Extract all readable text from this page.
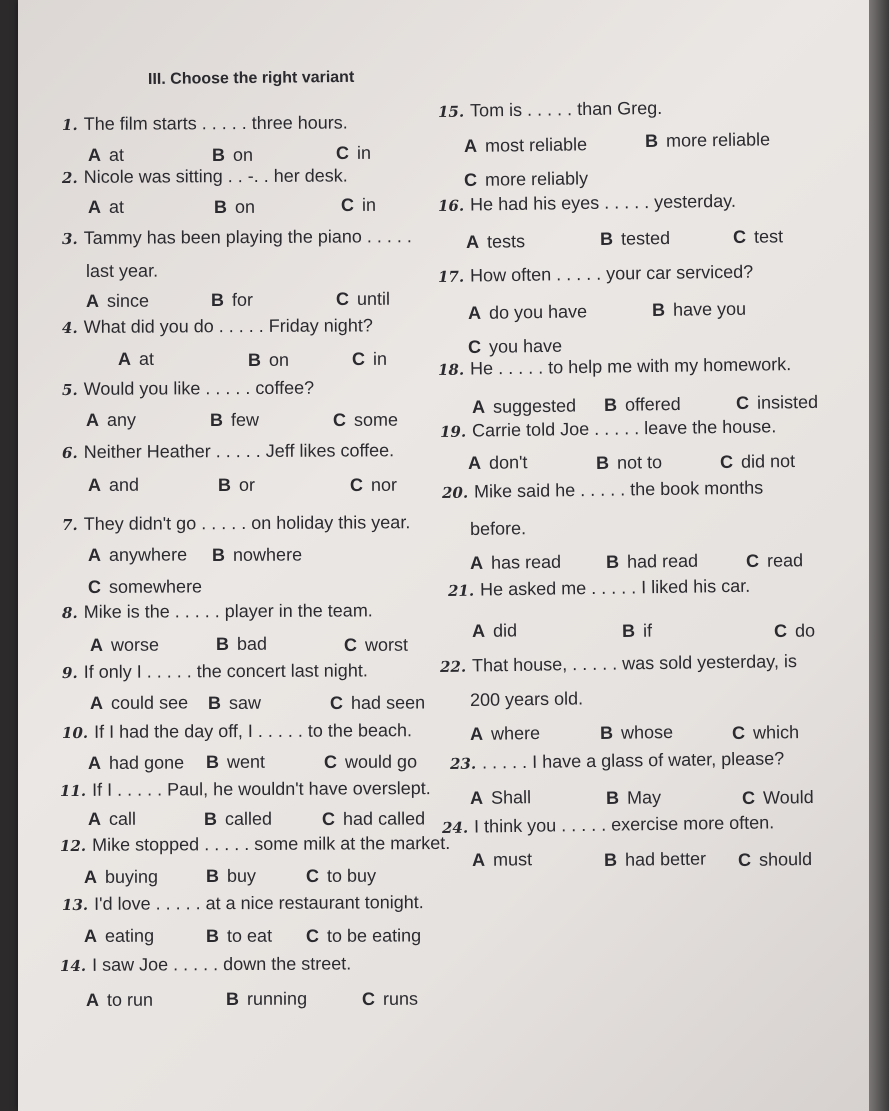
III. Choose the right variant
1. The film starts . . . . . three hours.
A at	B on	C in
2. Nicole was sitting . . -. . her desk.
A at	B on	C in
3. Tammy has been playing the piano . . . . .
last year.
A since	B for	C until
4. What did you do . . . . . Friday night?
A at	B on	C in
5. Would you like . . . . . coffee?
A any	B few	C some
6. Neither Heather . . . . . Jeff likes coffee.
A and	B or	C nor
7. They didn't go . . . . . on holiday this year.
A anywhere B nowhere
C somewhere
8. Mike is the . . . . . player in the team.
A worse	B bad	C worst
9. If only I . . . . . the concert last night.
A could see B saw	C had seen
10. If I had the day off, I . . . . . to the beach.
A had gone B went	C would go
11. If I . . . . . Paul, he wouldn't have overslept.
A call	B called	C had called
12. Mike stopped . . . . . some milk at the market.
A buying	B buy	C to buy
13. I'd love . . . . . at a nice restaurant tonight.
A eating	B to eat C to be eating
14. I saw Joe . . . . . down the street.
A to run	B running	C runs
15. Tom is . . . . . than Greg.
A most reliable	B more reliable
C more reliably
16. He had his eyes . . . . . yesterday.
A tests	B tested	C test
17. How often . . . . . your car serviced?
A do you have	B have you
C you have
18. He . . . . . to help me with my homework.
A suggested B offered	C insisted
19. Carrie told Joe . . . . . leave the house.
A don't	B not to	C did not
20. Mike said he . . . . . the book months
before.
A has read B had read	C read
21. He asked me . . . . . I liked his car.
A did	B if	C do
22. That house, . . . . . was sold yesterday, is
200 years old.
A where	B whose	C which
23. . . . . . I have a glass of water, please?
A Shall	B May	C Would
24. I think you . . . . . exercise more often.
A must	B had better C should
